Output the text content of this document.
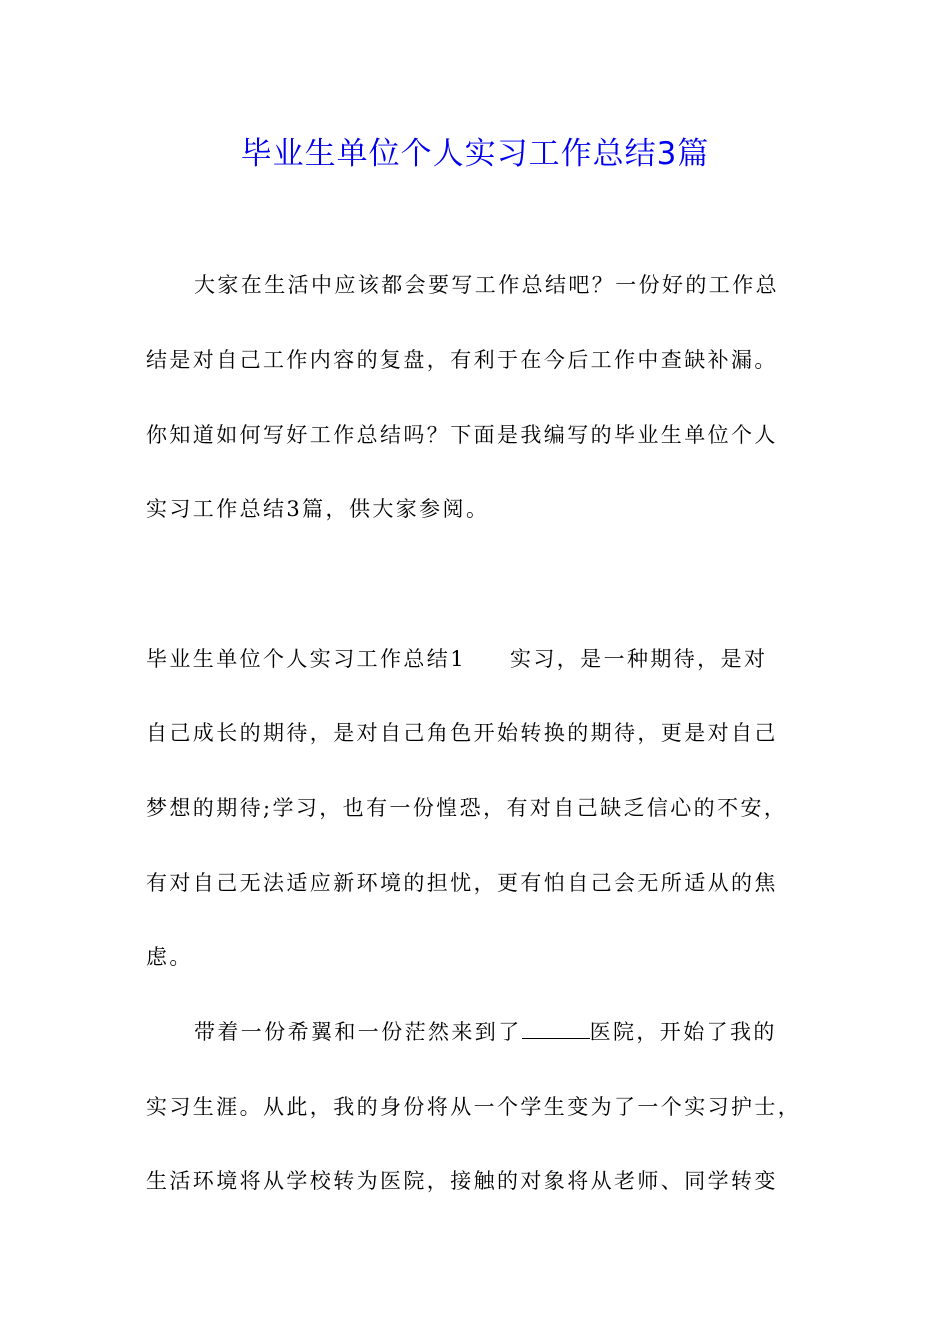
毕业生单位个人实习工作总结3篇
大家在生活中应该都会要写工作总结吧？一份好的工作总
结是对自己工作内容的复盘，有利于在今后工作中查缺补漏。
你知道如何写好工作总结吗？下面是我编写的毕业生单位个人
实习工作总结3篇，供大家参阅。
毕业生单位个人实习工作总结1 实习，是一种期待，是对
自己成长的期待，是对自己角色开始转换的期待，更是对自己
梦想的期待;学习，也有一份惶恐，有对自己缺乏信心的不安，
有对自己无法适应新环境的担忧，更有怕自己会无所适从的焦
虑。
带着一份希翼和一份茫然来到了	医院，开始了我的
实习生涯。从此，我的身份将从一个学生变为了一个实习护士，
生活环境将从学校转为医院，接触的对象将从老师、同学转变
